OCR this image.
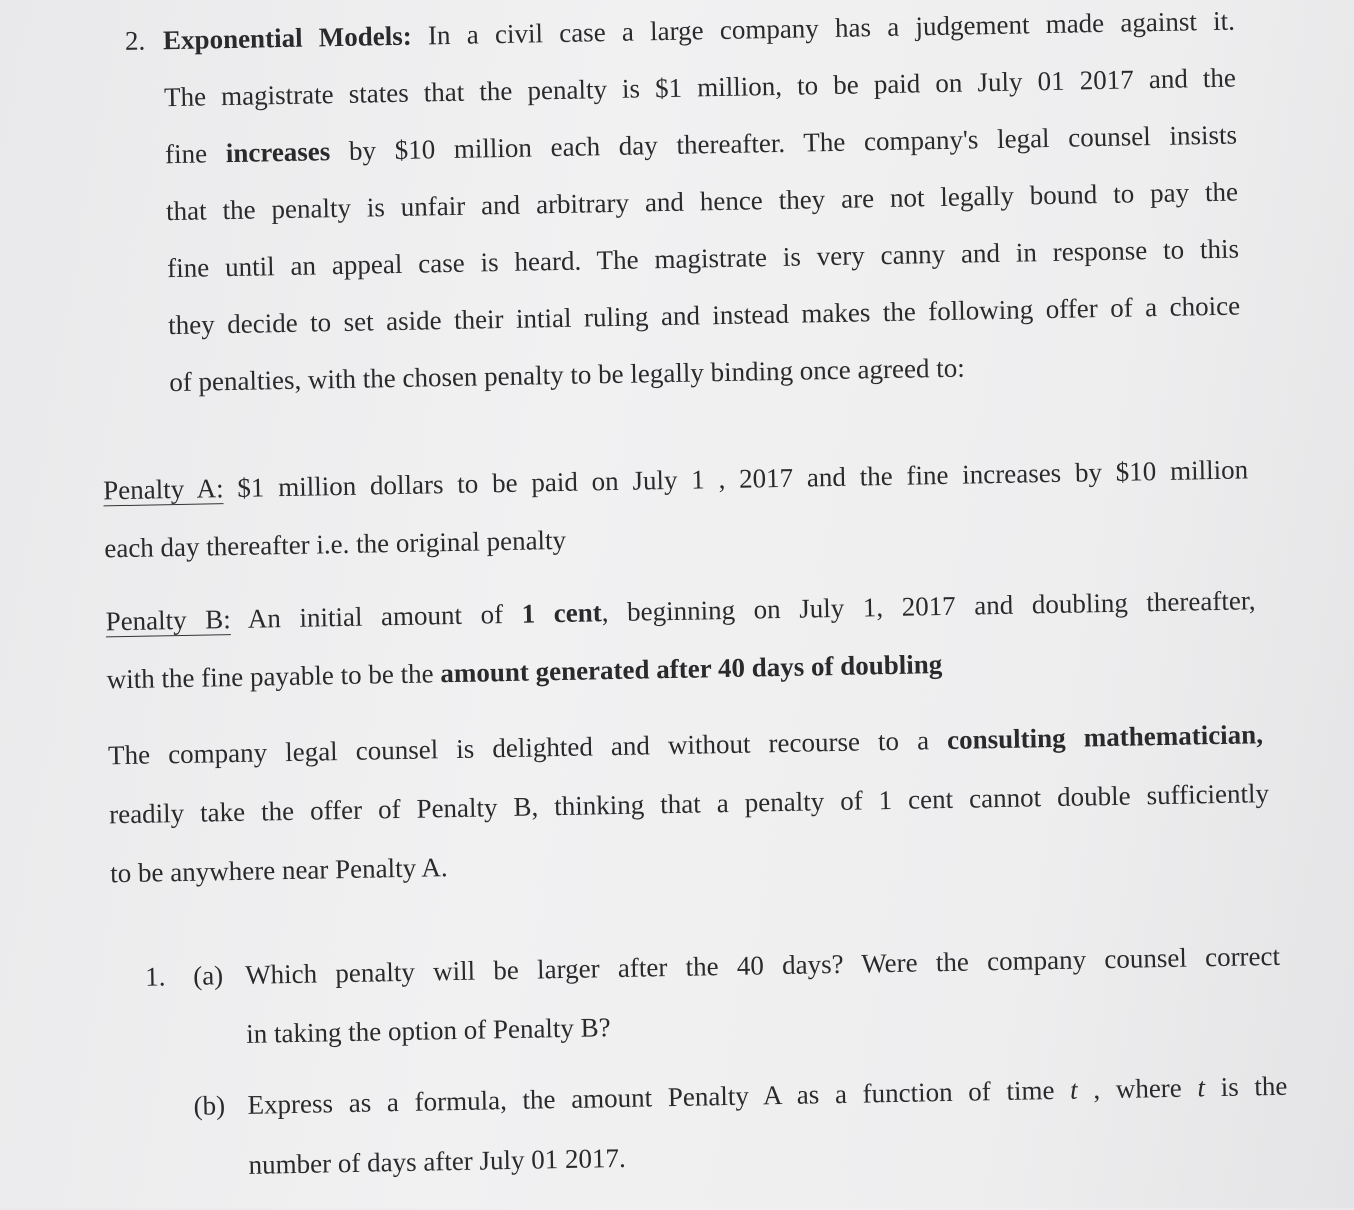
2. Exponential Models: In a civil case a large company has a judgement made against it.
The magistrate states that the penalty is $1 million, to be paid on July 01 2017 and the
fine increases by $10 million each day thereafter. The company's legal counsel insists
that the penalty is unfair and arbitrary and hence they are not legally bound to pay the
fine until an appeal case is heard. The magistrate is very canny and in response to this
they decide to set aside their intial ruling and instead makes the following offer of a choice
of penalties, with the chosen penalty to be legally binding once agreed to:
Penalty A: $1 million dollars to be paid on July 1 , 2017 and the fine increases by $10 million
each day thereafter i.e. the original penalty
Penalty B: An initial amount of 1 cent, beginning on July 1, 2017 and doubling thereafter,
with the fine payable to be the amount generated after 40 days of doubling
The company legal counsel is delighted and without recourse to a consulting mathematician,
readily take the offer of Penalty B, thinking that a penalty of 1 cent cannot double sufficiently
to be anywhere near Penalty A.
1. (a) Which penalty will be larger after the 40 days? Were the company counsel correct
in taking the option of Penalty B?
(b) Express as a formula, the amount Penalty A as a function of time t , where t is the
number of days after July 01 2017.
